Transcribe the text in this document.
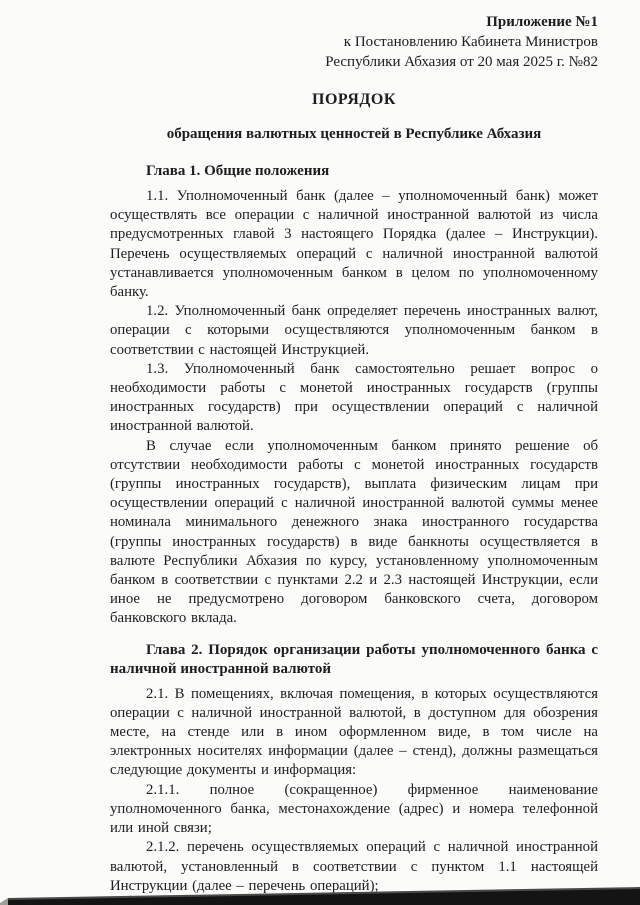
Приложение №1
к Постановлению Кабинета Министров
Республики Абхазия от 20 мая 2025 г. №82
ПОРЯДОК
обращения валютных ценностей в Республике Абхазия
Глава 1. Общие положения

1.1. Уполномоченный банк (далее – уполномоченный банк) может осуществлять все операции с наличной иностранной валютой из числа предусмотренных главой 3 настоящего Порядка (далее – Инструкции). Перечень осуществляемых операций с наличной иностранной валютой устанавливается уполномоченным банком в целом по уполномоченному банку.

1.2. Уполномоченный банк определяет перечень иностранных валют, операции с которыми осуществляются уполномоченным банком в соответствии с настоящей Инструкцией.

1.3. Уполномоченный банк самостоятельно решает вопрос о необходимости работы с монетой иностранных государств (группы иностранных государств) при осуществлении операций с наличной иностранной валютой.

В случае если уполномоченным банком принято решение об отсутствии необходимости работы с монетой иностранных государств (группы иностранных государств), выплата физическим лицам при осуществлении операций с наличной иностранной валютой суммы менее номинала минимального денежного знака иностранного государства (группы иностранных государств) в виде банкноты осуществляется в валюте Республики Абхазия по курсу, установленному уполномоченным банком в соответствии с пунктами 2.2 и 2.3 настоящей Инструкции, если иное не предусмотрено договором банковского счета, договором банковского вклада.

Глава 2. Порядок организации работы уполномоченного банка с наличной иностранной валютой

2.1. В помещениях, включая помещения, в которых осуществляются операции с наличной иностранной валютой, в доступном для обозрения месте, на стенде или в ином оформленном виде, в том числе на электронных носителях информации (далее – стенд), должны размещаться следующие документы и информация:

2.1.1. полное (сокращенное) фирменное наименование уполномоченного банка, местонахождение (адрес) и номера телефонной или иной связи;

2.1.2. перечень осуществляемых операций с наличной иностранной валютой, установленный в соответствии с пунктом 1.1 настоящей Инструкции (далее – перечень операций);
